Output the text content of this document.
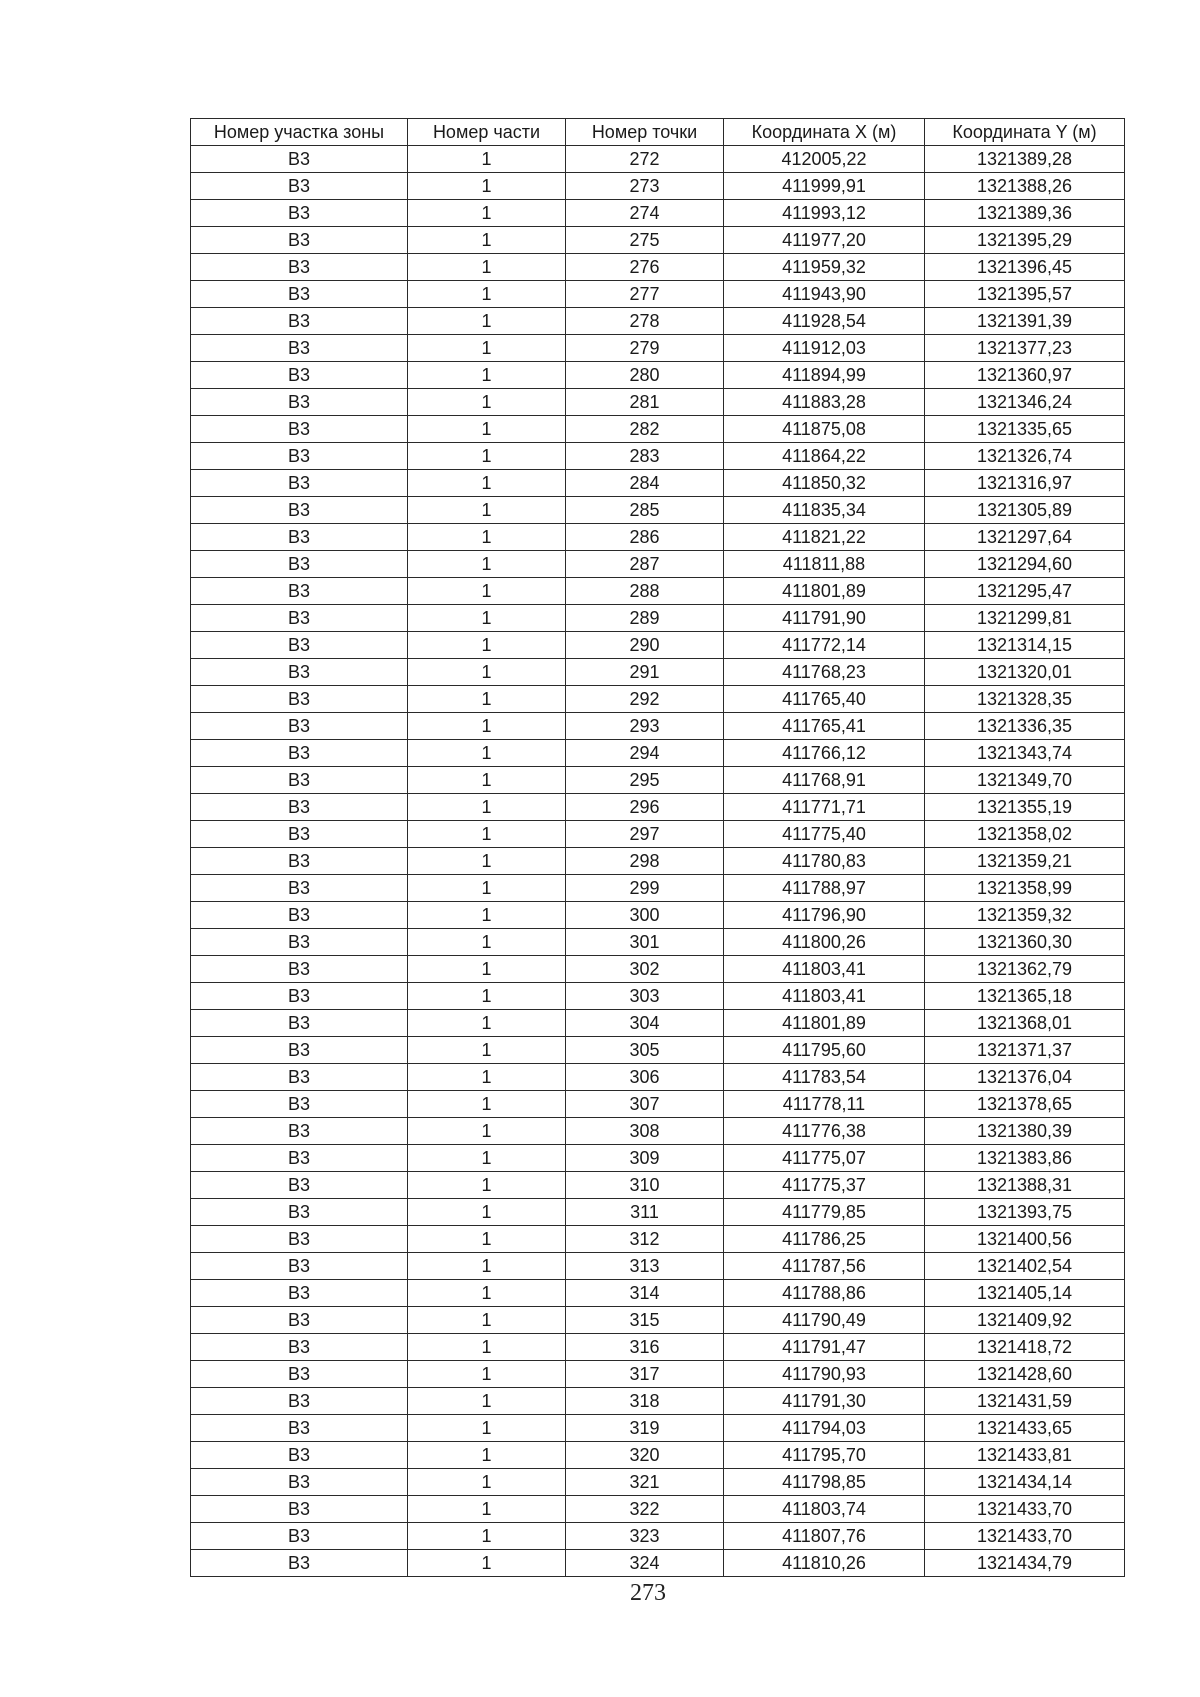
Номер участка зоны	Номер части	Номер точки	Координата X (м)	Координата Y (м)
В3	1	272	412005,22	1321389,28
В3	1	273	411999,91	1321388,26
В3	1	274	411993,12	1321389,36
В3	1	275	411977,20	1321395,29
В3	1	276	411959,32	1321396,45
В3	1	277	411943,90	1321395,57
В3	1	278	411928,54	1321391,39
В3	1	279	411912,03	1321377,23
В3	1	280	411894,99	1321360,97
В3	1	281	411883,28	1321346,24
В3	1	282	411875,08	1321335,65
В3	1	283	411864,22	1321326,74
В3	1	284	411850,32	1321316,97
В3	1	285	411835,34	1321305,89
В3	1	286	411821,22	1321297,64
В3	1	287	411811,88	1321294,60
В3	1	288	411801,89	1321295,47
В3	1	289	411791,90	1321299,81
В3	1	290	411772,14	1321314,15
В3	1	291	411768,23	1321320,01
В3	1	292	411765,40	1321328,35
В3	1	293	411765,41	1321336,35
В3	1	294	411766,12	1321343,74
В3	1	295	411768,91	1321349,70
В3	1	296	411771,71	1321355,19
В3	1	297	411775,40	1321358,02
В3	1	298	411780,83	1321359,21
В3	1	299	411788,97	1321358,99
В3	1	300	411796,90	1321359,32
В3	1	301	411800,26	1321360,30
В3	1	302	411803,41	1321362,79
В3	1	303	411803,41	1321365,18
В3	1	304	411801,89	1321368,01
В3	1	305	411795,60	1321371,37
В3	1	306	411783,54	1321376,04
В3	1	307	411778,11	1321378,65
В3	1	308	411776,38	1321380,39
В3	1	309	411775,07	1321383,86
В3	1	310	411775,37	1321388,31
В3	1	311	411779,85	1321393,75
В3	1	312	411786,25	1321400,56
В3	1	313	411787,56	1321402,54
В3	1	314	411788,86	1321405,14
В3	1	315	411790,49	1321409,92
В3	1	316	411791,47	1321418,72
В3	1	317	411790,93	1321428,60
В3	1	318	411791,30	1321431,59
В3	1	319	411794,03	1321433,65
В3	1	320	411795,70	1321433,81
В3	1	321	411798,85	1321434,14
В3	1	322	411803,74	1321433,70
В3	1	323	411807,76	1321433,70
В3	1	324	411810,26	1321434,79
273
